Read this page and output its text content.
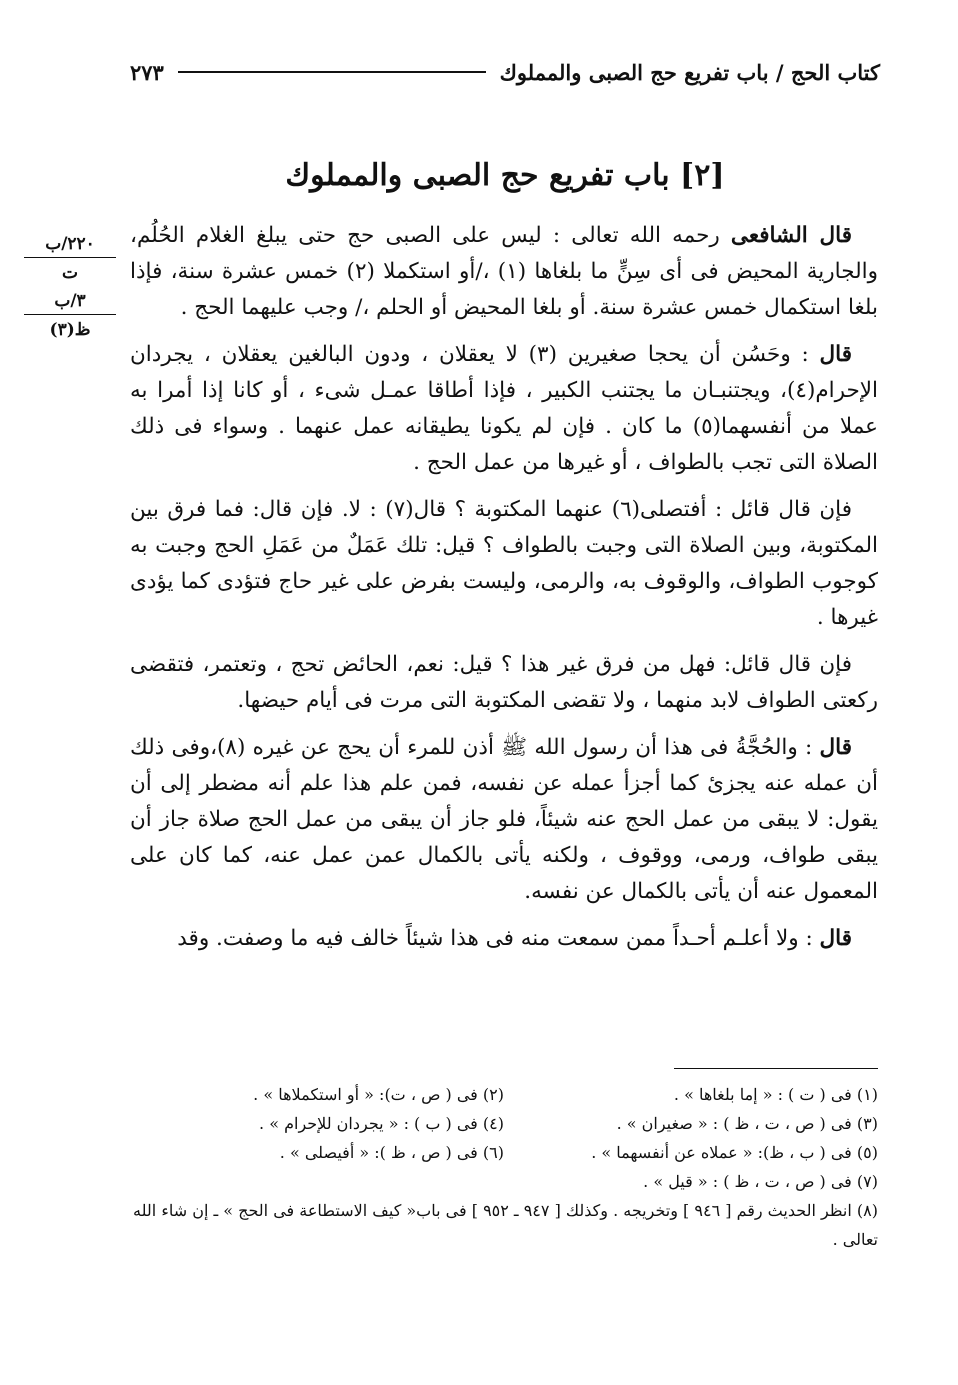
كتاب الحج / باب تفريع حج الصبى والمملوك
٢٧٣
[٢] باب تفريع حج الصبى والمملوك
٢٢٠/ب
ت
٣/ب
ظ(٣)

قال الشافعى رحمه الله تعالى : ليس على الصبى حج حتى يبلغ الغلام الحُلُم، والجارية المحيض فى أى سِنٍّ ما بلغاها (١) ،/أو استكملا (٢) خمس عشرة سنة، فإذا بلغا استكمال خمس عشرة سنة. أو بلغا المحيض أو الحلم ،/ وجب عليهما الحج .

قال : وحَسُن أن يحجا صغيرين (٣) لا يعقلان ، ودون البالغين يعقلان ، يجردان الإحرام(٤)، ويجتنبـان ما يجتنب الكبير ، فإذا أطاقا عمـل شىء ، أو كانا إذا أمرا به عملا من أنفسهما(٥) ما كان . فإن لم يكونا يطيقانه عمل عنهما . وسواء فى ذلك الصلاة التى تجب بالطواف ، أو غيرها من عمل الحج .

فإن قال قائل : أفتصلى(٦) عنهما المكتوبة ؟ قال(٧) : لا. فإن قال: فما فرق بين المكتوبة، وبين الصلاة التى وجبت بالطواف ؟ قيل: تلك عَمَلٌ من عَمَلِ الحج وجبت به كوجوب الطواف، والوقوف به، والرمى، وليست بفرض على غير حاج فتؤدى كما يؤدى غيرها .

فإن قال قائل: فهل من فرق غير هذا ؟ قيل: نعم، الحائض تحج ، وتعتمر، فتقضى ركعتى الطواف لابد منهما ، ولا تقضى المكتوبة التى مرت فى أيام حيضها.

قال : والحُجَّةُ فى هذا أن رسول الله ﷺ أذن للمرء أن يحج عن غيره (٨)،وفى ذلك أن عمله عنه يجزئ كما أجزأ عمله عن نفسه، فمن علم هذا علم أنه مضطر إلى أن يقول: لا يبقى من عمل الحج عنه شيئاً، فلو جاز أن يبقى من عمل الحج صلاة جاز أن يبقى طواف، ورمى، ووقوف ، ولكنه يأتى بالكمال عمن عمل عنه، كما كان على المعمول عنه أن يأتى بالكمال عن نفسه.

قال : ولا أعلـم أحـداً ممن سمعت منه فى هذا شيئاً خالف فيه ما وصفت. وقد

(١) فى ( ت ) : « إما بلغاها » .
(٢) فى ( ص ، ت): « أو استكملاها » .
(٣) فى ( ص ، ت ، ظ ) : « صغيران » .
(٤) فى ( ب ) : « يجردان للإحرام » .
(٥) فى ( ب ، ظ): « عملاه عن أنفسهما » .
(٦) فى ( ص ، ظ ): « أفيصلى » .
(٧) فى ( ص ، ت ، ظ ) : « قيل » .
(٨) انظر الحديث رقم [ ٩٤٦ ] وتخريجه . وكذلك [ ٩٤٧ ـ ٩٥٢ ] فى باب« كيف الاستطاعة فى الحج » ـ إن شاء الله تعالى .
